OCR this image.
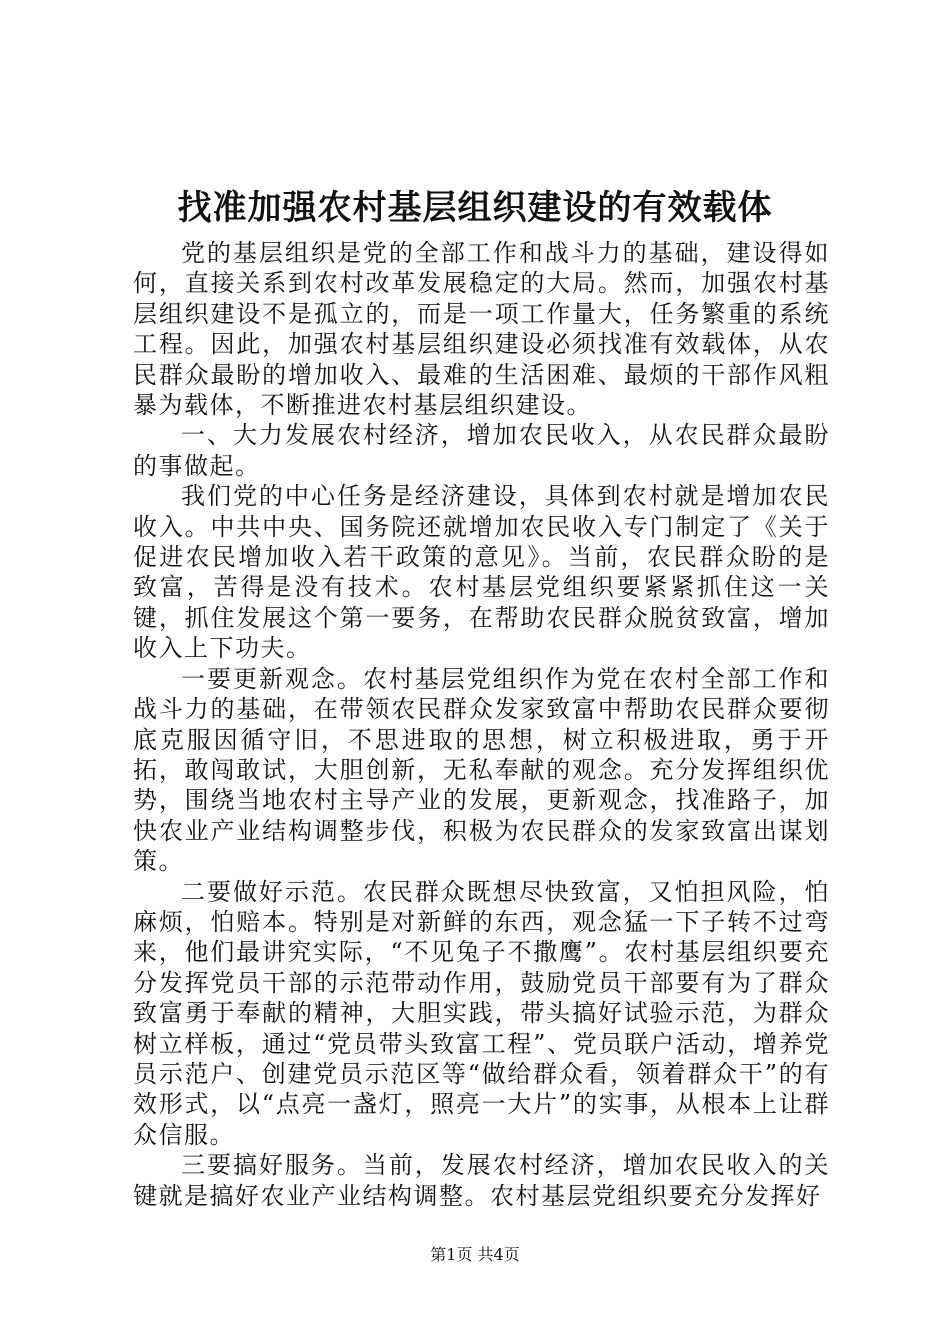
找准加强农村基层组织建设的有效载体

党的基层组织是党的全部工作和战斗力的基础，建设得如何，直接关系到农村改革发展稳定的大局。然而，加强农村基层组织建设不是孤立的，而是一项工作量大，任务繁重的系统工程。因此，加强农村基层组织建设必须找准有效载体，从农民群众最盼的增加收入、最难的生活困难、最烦的干部作风粗暴为载体，不断推进农村基层组织建设。

一、大力发展农村经济，增加农民收入，从农民群众最盼的事做起。

我们党的中心任务是经济建设，具体到农村就是增加农民收入。中共中央、国务院还就增加农民收入专门制定了《关于促进农民增加收入若干政策的意见》。当前，农民群众盼的是致富，苦得是没有技术。农村基层党组织要紧紧抓住这一关键，抓住发展这个第一要务，在帮助农民群众脱贫致富，增加收入上下功夫。

一要更新观念。农村基层党组织作为党在农村全部工作和战斗力的基础，在带领农民群众发家致富中帮助农民群众要彻底克服因循守旧，不思进取的思想，树立积极进取，勇于开拓，敢闯敢试，大胆创新，无私奉献的观念。充分发挥组织优势，围绕当地农村主导产业的发展，更新观念，找准路子，加快农业产业结构调整步伐，积极为农民群众的发家致富出谋划策。

二要做好示范。农民群众既想尽快致富，又怕担风险，怕麻烦，怕赔本。特别是对新鲜的东西，观念猛一下子转不过弯来，他们最讲究实际，“不见兔子不撒鹰”。农村基层组织要充分发挥党员干部的示范带动作用，鼓励党员干部要有为了群众致富勇于奉献的精神，大胆实践，带头搞好试验示范，为群众树立样板，通过“党员带头致富工程”、党员联户活动，增养党员示范户、创建党员示范区等“做给群众看，领着群众干”的有效形式，以“点亮一盏灯，照亮一大片”的实事，从根本上让群众信服。

三要搞好服务。当前，发展农村经济，增加农民收入的关键就是搞好农业产业结构调整。农村基层党组织要充分发挥好

第1页 共4页
